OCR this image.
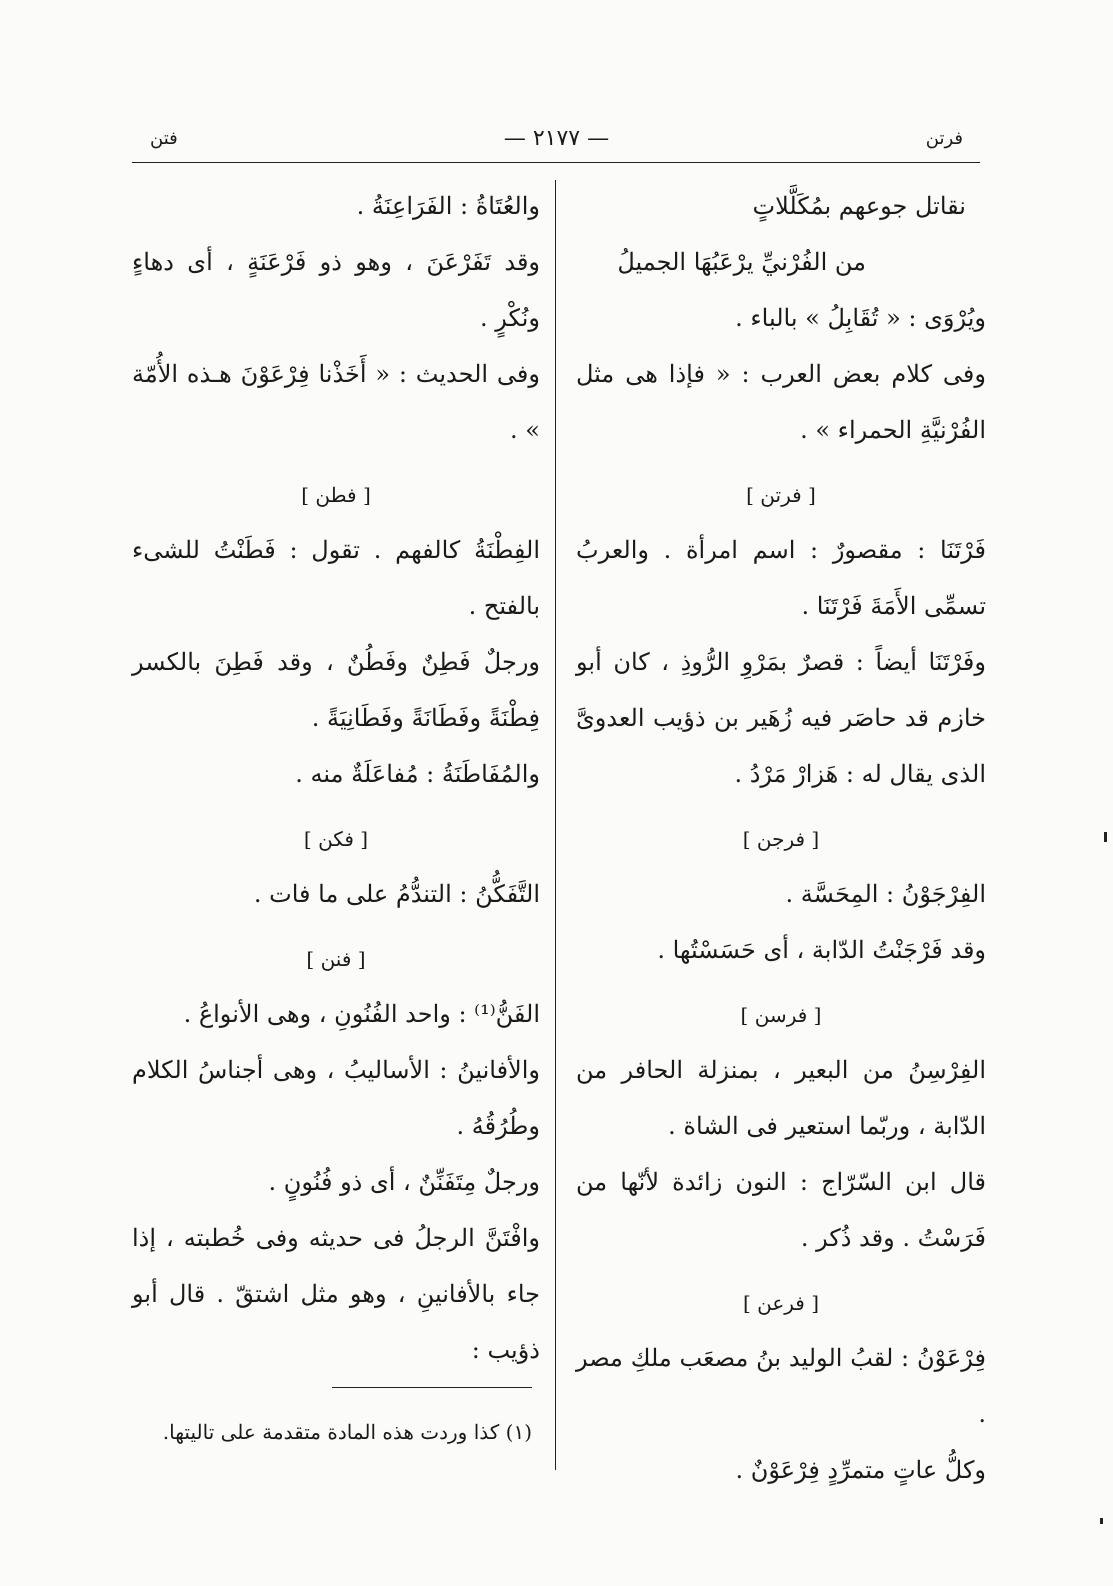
فرتن
— ٢١٧٧ —
فتن

نقاتل جوعهم بمُكَلَّلاتٍ

من الفُرْنيِّ يرْعَبُهَا الجميلُ

ويُرْوَى : « تُقَابِلُ » بالباء .

وفى كلام بعض العرب : « فإذا هى مثل الفُرْنيَّةِ الحمراء » .

[ فرتن ]

فَرْتَنَا : مقصورٌ : اسم امرأة . والعربُ تسمِّى الأَمَةَ فَرْتَنَا .

وفَرْتَنَا أيضاً : قصرٌ بمَرْوِ الرُّوذِ ، كان أبو خازم قد حاصَر فيه زُهَير بن ذؤيب العدوىَّ الذى يقال له : هَزارْ مَرْدُ .

[ فرجن ]

الفِرْجَوْنُ : المِحَسَّة .

وقد فَرْجَنْتُ الدّابة ، أى حَسَسْتُها .

[ فرسن ]

الفِرْسِنُ من البعير ، بمنزلة الحافر من الدّابة ، وربّما استعير فى الشاة .

قال ابن السّرّاج : النون زائدة لأنّها من فَرَسْتُ . وقد ذُكر .

[ فرعن ]

فِرْعَوْنُ : لقبُ الوليد بنُ مصعَب ملكِ مصر .

وكلُّ عاتٍ متمرِّدٍ فِرْعَوْنٌ .

والعُتَاةُ : الفَرَاعِنَةُ .

وقد تَفَرْعَنَ ، وهو ذو فَرْعَنَةٍ ، أى دهاءٍ ونُكْرٍ .

وفى الحديث : « أَخَذْنا فِرْعَوْنَ هـذه الأُمّة » .

[ فطن ]

الفِطْنَةُ كالفهم . تقول : فَطَنْتُ للشىء بالفتح .

ورجلٌ فَطِنٌ وفَطُنٌ ، وقد فَطِنَ بالكسر فِطْنَةً وفَطَانَةً وفَطَانِيَةً .

والمُفَاطَنَةُ : مُفاعَلَةٌ منه .

[ فكن ]

التَّفَكُّنُ : التندُّمُ على ما فات .

[ فنن ]

الفَنُّ⁽¹⁾ : واحد الفُنُونِ ، وهى الأنواعُ .

والأفانينُ : الأساليبُ ، وهى أجناسُ الكلام وطُرُقُهُ .

ورجلٌ مِتَفَنِّنٌ ، أى ذو فُنُونٍ .

وافْتَنَّ الرجلُ فى حديثه وفى خُطبته ، إذا جاء بالأفانينِ ، وهو مثل اشتقّ . قال أبو ذؤيب :

(١) كذا وردت هذه المادة متقدمة على تاليتها.
